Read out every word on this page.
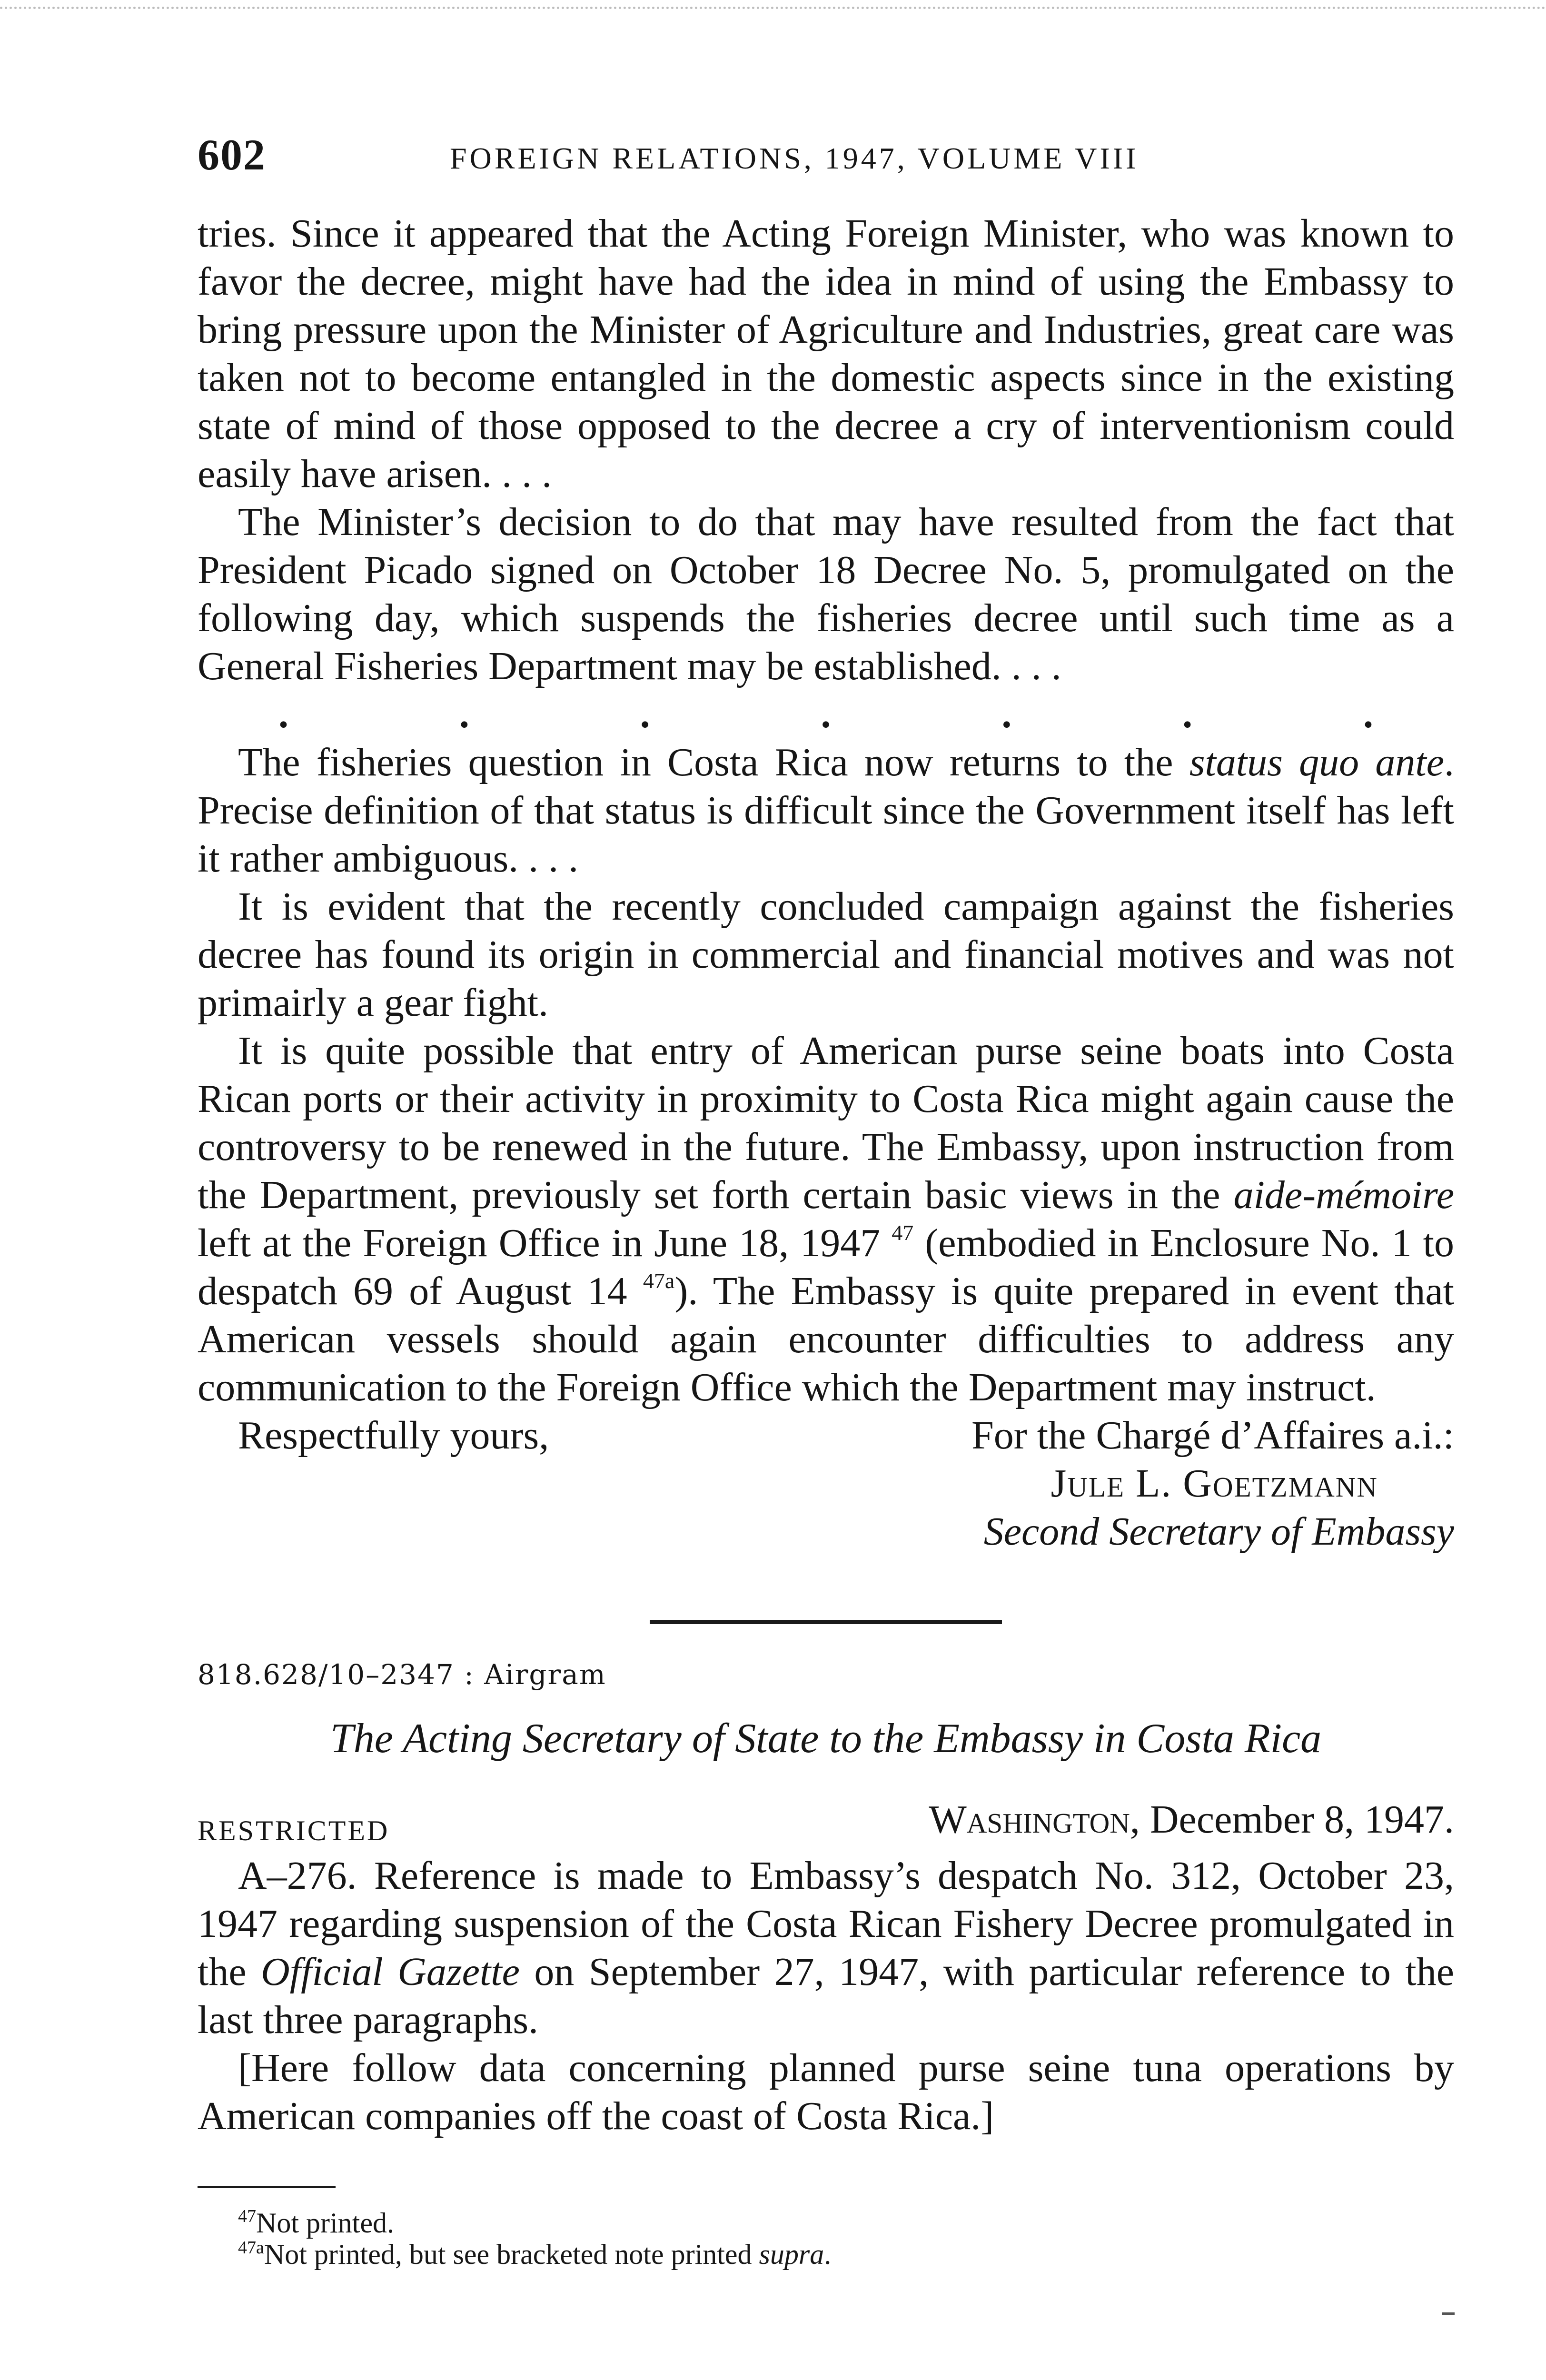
602	FOREIGN RELATIONS, 1947, VOLUME VIII

tries. Since it appeared that the Acting Foreign Minister, who was known to favor the decree, might have had the idea in mind of using the Embassy to bring pressure upon the Minister of Agriculture and Industries, great care was taken not to become entangled in the domestic aspects since in the existing state of mind of those opposed to the decree a cry of interventionism could easily have arisen. . . .

The Minister’s decision to do that may have resulted from the fact that President Picado signed on October 18 Decree No. 5, promulgated on the following day, which suspends the fisheries decree until such time as a General Fisheries Department may be established. . . .

.	.	.	.	.	.	.

The fisheries question in Costa Rica now returns to the status quo ante. Precise definition of that status is difficult since the Government itself has left it rather ambiguous. . . .

It is evident that the recently concluded campaign against the fisheries decree has found its origin in commercial and financial motives and was not primairly a gear fight.

It is quite possible that entry of American purse seine boats into Costa Rican ports or their activity in proximity to Costa Rica might again cause the controversy to be renewed in the future. The Embassy, upon instruction from the Department, previously set forth certain basic views in the aide-mémoire left at the Foreign Office in June 18, 1947 $^{47}$ (embodied in Enclosure No. 1 to despatch 69 of August 14 $^{47a}$). The Embassy is quite prepared in event that American vessels should again encounter difficulties to address any communication to the Foreign Office which the Department may instruct.

Respectfully yours,	For the Chargé d’Affaires a.i.:
Jule L. Goetzmann
Second Secretary of Embassy
818.628/10–2347 : Airgram
The Acting Secretary of State to the Embassy in Costa Rica
RESTRICTED	Washington, December 8, 1947.

A–276. Reference is made to Embassy’s despatch No. 312, October 23, 1947 regarding suspension of the Costa Rican Fishery Decree promulgated in the Official Gazette on September 27, 1947, with particular reference to the last three paragraphs.

[Here follow data concerning planned purse seine tuna operations by American companies off the coast of Costa Rica.]

$^{47}$Not printed.
$^{47a}$Not printed, but see bracketed note printed supra.
